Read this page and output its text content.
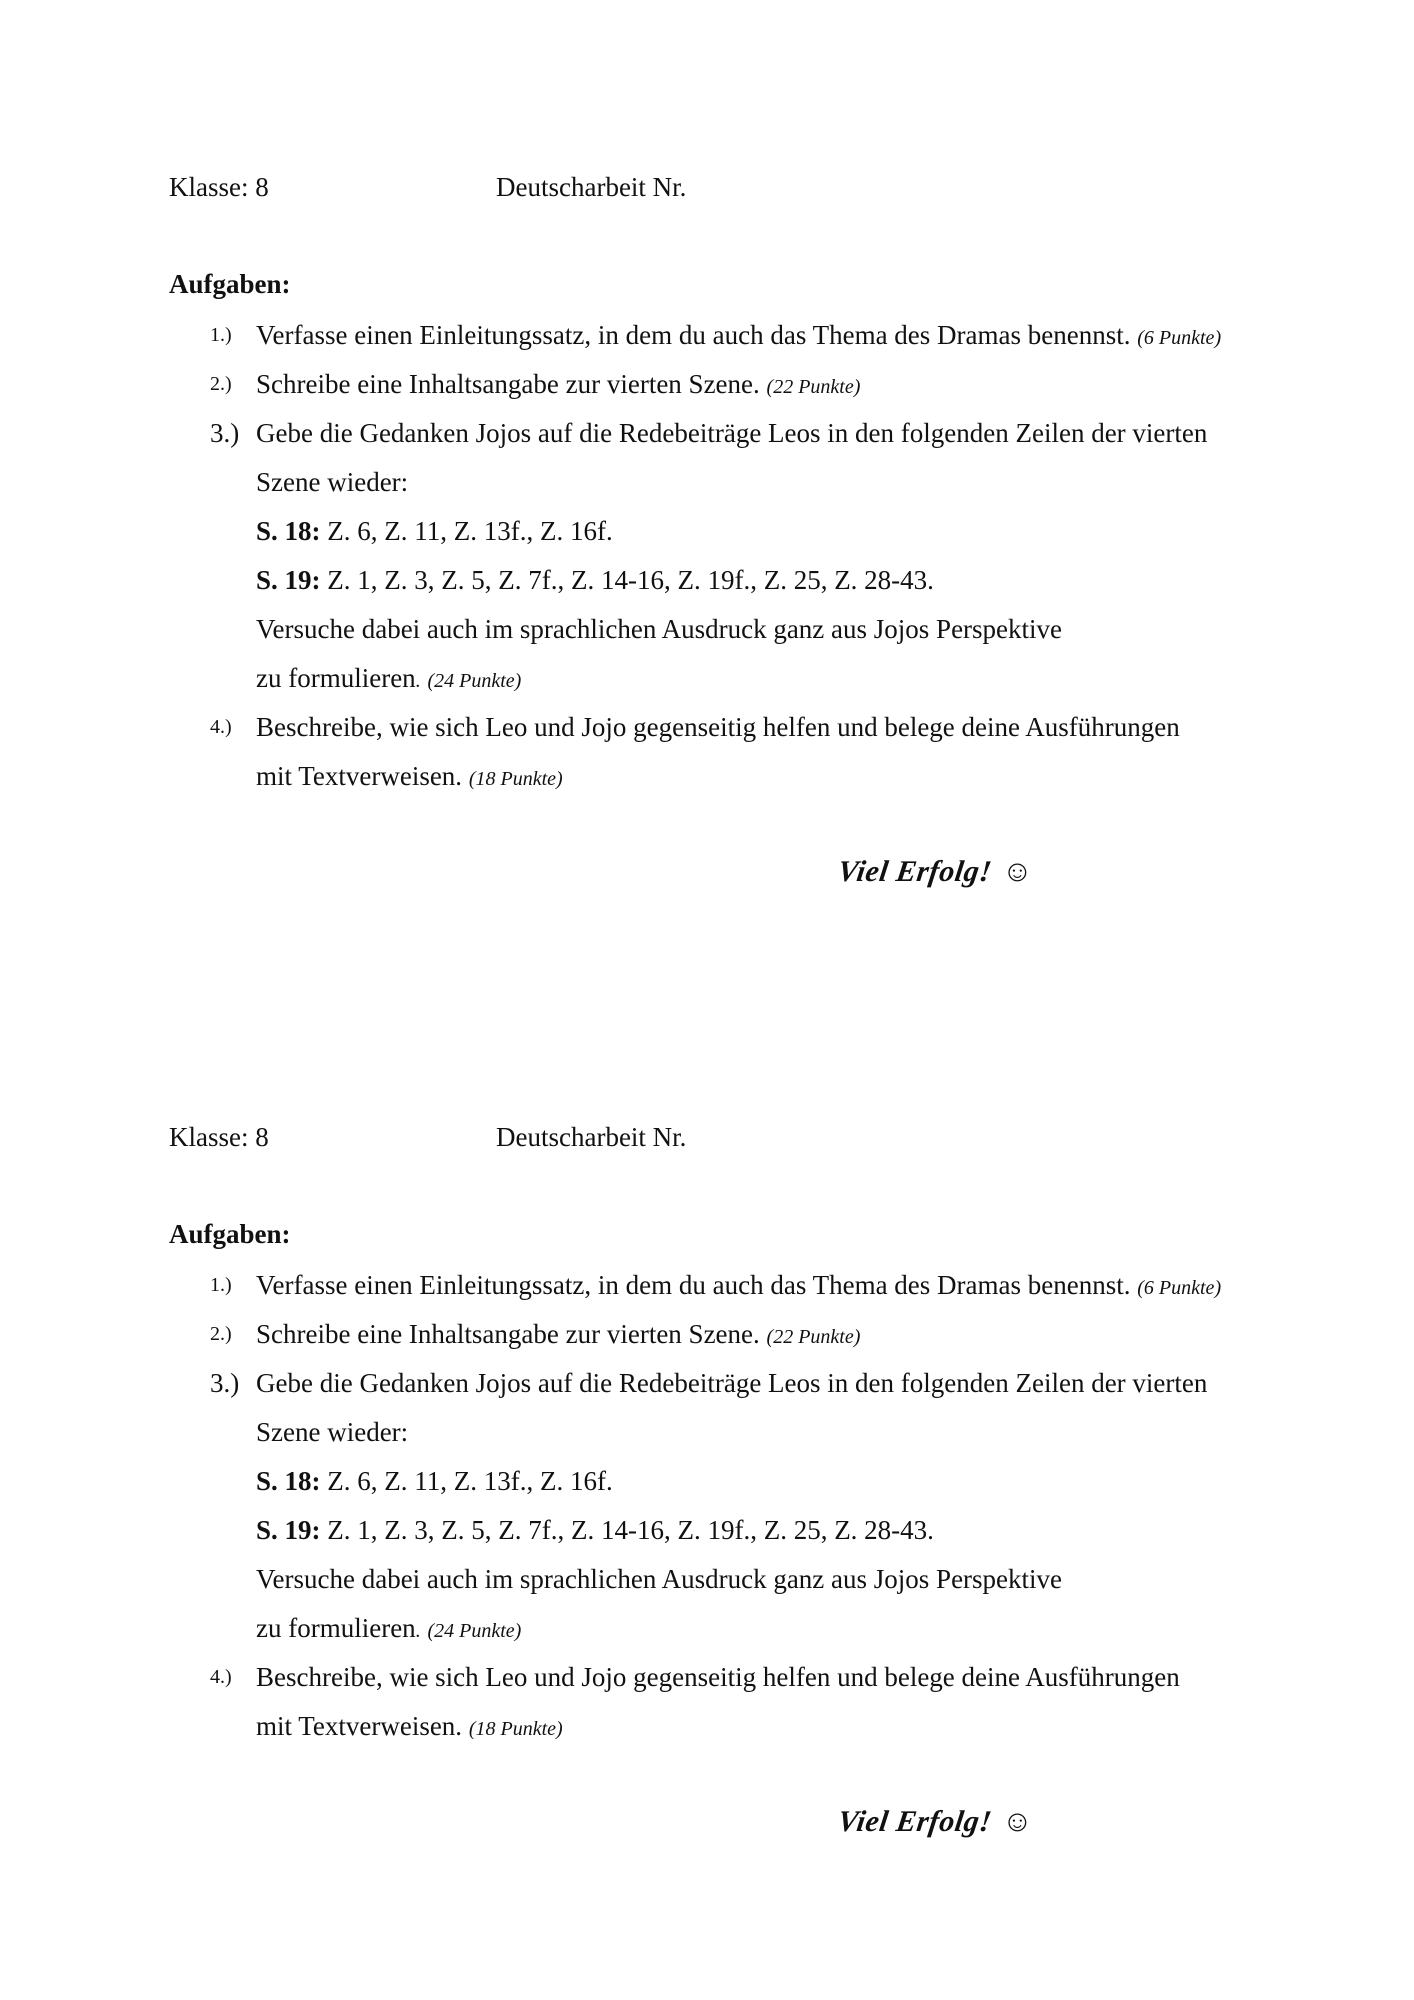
Klasse: 8	Deutscharbeit Nr.
Aufgaben:
1.) Verfasse einen Einleitungssatz, in dem du auch das Thema des Dramas benennst. (6 Punkte)
2.) Schreibe eine Inhaltsangabe zur vierten Szene. (22 Punkte)
3.) Gebe die Gedanken Jojos auf die Redebeiträge Leos in den folgenden Zeilen der vierten
Szene wieder:
S. 18: Z. 6, Z. 11, Z. 13f., Z. 16f.
S. 19: Z. 1, Z. 3, Z. 5, Z. 7f., Z. 14-16, Z. 19f., Z. 25, Z. 28-43.
Versuche dabei auch im sprachlichen Ausdruck ganz aus Jojos Perspektive
zu formulieren. (24 Punkte)
4.) Beschreibe, wie sich Leo und Jojo gegenseitig helfen und belege deine Ausführungen
mit Textverweisen. (18 Punkte)
Viel Erfolg! ☺
Klasse: 8	Deutscharbeit Nr.
Aufgaben:
1.) Verfasse einen Einleitungssatz, in dem du auch das Thema des Dramas benennst. (6 Punkte)
2.) Schreibe eine Inhaltsangabe zur vierten Szene. (22 Punkte)
3.) Gebe die Gedanken Jojos auf die Redebeiträge Leos in den folgenden Zeilen der vierten
Szene wieder:
S. 18: Z. 6, Z. 11, Z. 13f., Z. 16f.
S. 19: Z. 1, Z. 3, Z. 5, Z. 7f., Z. 14-16, Z. 19f., Z. 25, Z. 28-43.
Versuche dabei auch im sprachlichen Ausdruck ganz aus Jojos Perspektive
zu formulieren. (24 Punkte)
4.) Beschreibe, wie sich Leo und Jojo gegenseitig helfen und belege deine Ausführungen
mit Textverweisen. (18 Punkte)
Viel Erfolg! ☺
